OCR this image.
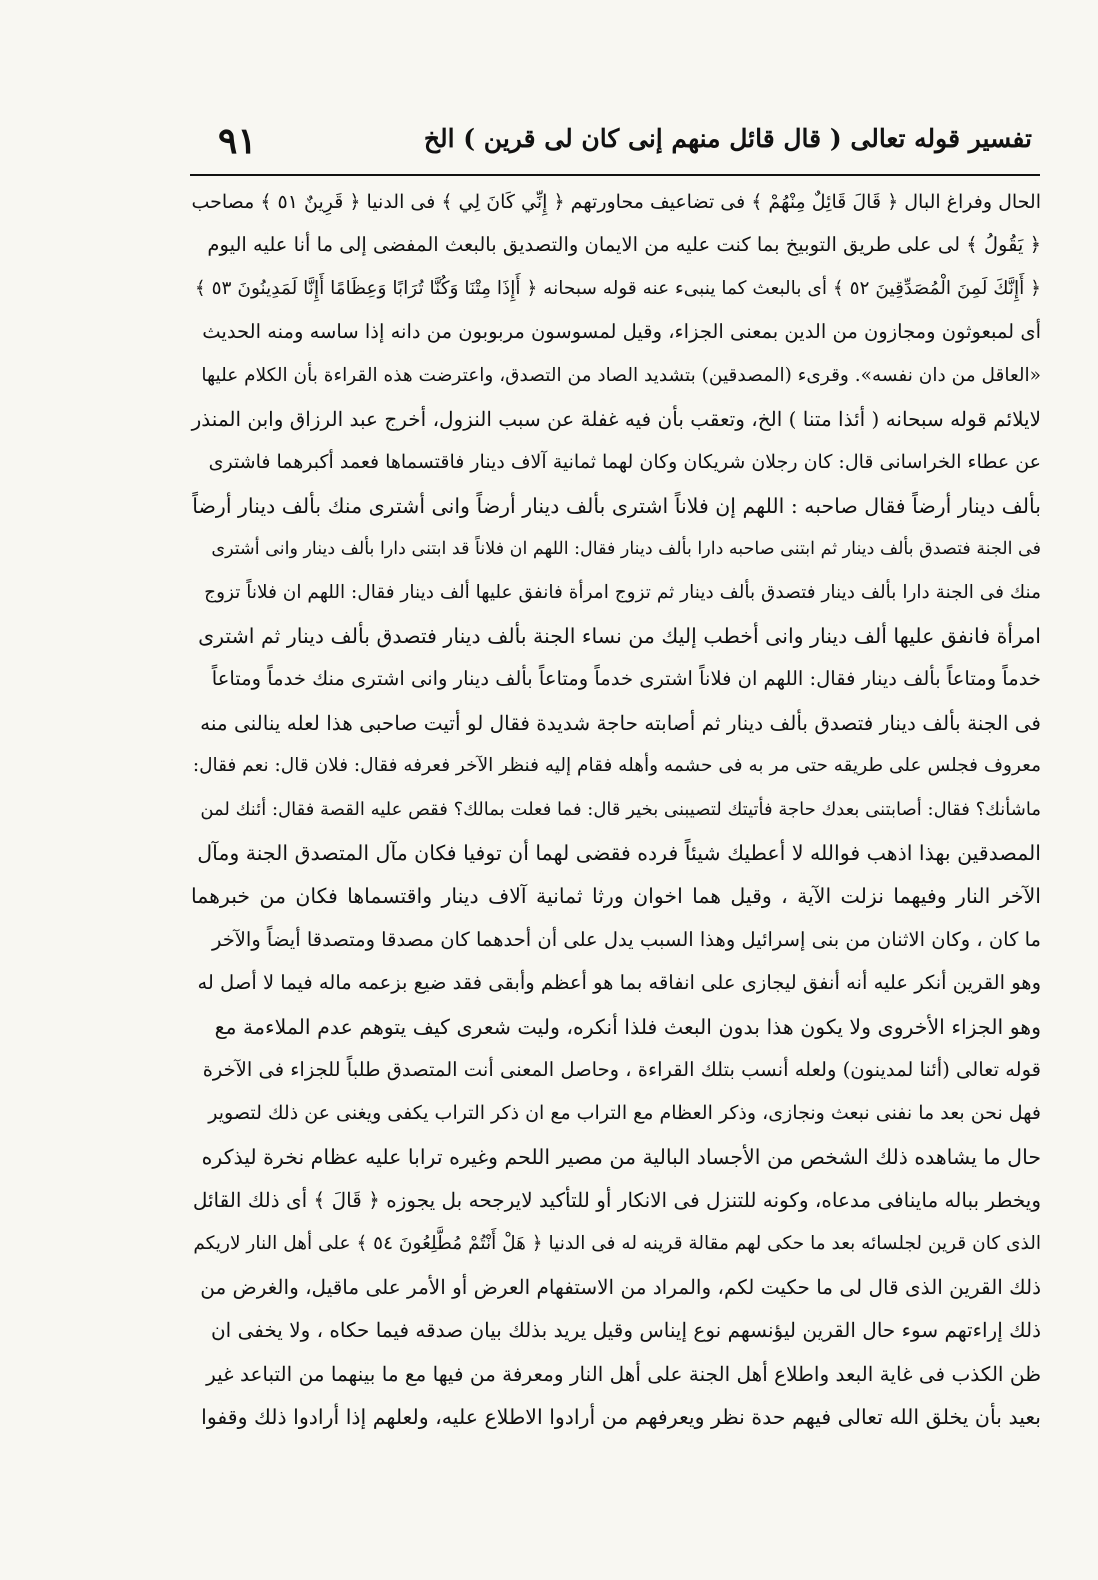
تفسير قوله تعالى ( قال قائل منهم إنى كان لى قرين ) الخ
٩١
الحال وفراغ البال ﴿ قَالَ قَائِلٌ مِنْهُمْ ﴾ فى تضاعيف محاورتهم ﴿ إِنِّي كَانَ لِي ﴾ فى الدنيا ﴿ قَرِينٌ ٥١ ﴾ مصاحب
﴿ يَقُولُ ﴾ لى على طريق التوبيخ بما كنت عليه من الايمان والتصديق بالبعث المفضى إلى ما أنا عليه اليوم
﴿ أَإِنَّكَ لَمِنَ الْمُصَدِّقِينَ ٥٢ ﴾ أى بالبعث كما ينبىء عنه قوله سبحانه ﴿ أَإِذَا مِتْنَا وَكُنَّا تُرَابًا وَعِظَامًا أَإِنَّا لَمَدِينُونَ ٥٣ ﴾
أى لمبعوثون ومجازون من الدين بمعنى الجزاء، وقيل لمسوسون مربوبون من دانه إذا ساسه ومنه الحديث
«العاقل من دان نفسه». وقرىء (المصدقين) بتشديد الصاد من التصدق، واعترضت هذه القراءة بأن الكلام عليها
لايلائم قوله سبحانه ( أئذا متنا ) الخ، وتعقب بأن فيه غفلة عن سبب النزول، أخرج عبد الرزاق وابن المنذر
عن عطاء الخراسانى قال: كان رجلان شريكان وكان لهما ثمانية آلاف دينار فاقتسماها فعمد أكبرهما فاشترى
بألف دينار أرضاً فقال صاحبه : اللهم إن فلاناً اشترى بألف دينار أرضاً وانى أشترى منك بألف دينار أرضاً
فى الجنة فتصدق بألف دينار ثم ابتنى صاحبه دارا بألف دينار فقال: اللهم ان فلاناً قد ابتنى دارا بألف دينار وانى أشترى
منك فى الجنة دارا بألف دينار فتصدق بألف دينار ثم تزوج امرأة فانفق عليها ألف دينار فقال: اللهم ان فلاناً تزوج
امرأة فانفق عليها ألف دينار وانى أخطب إليك من نساء الجنة بألف دينار فتصدق بألف دينار ثم اشترى
خدماً ومتاعاً بألف دينار فقال: اللهم ان فلاناً اشترى خدماً ومتاعاً بألف دينار وانى اشترى منك خدماً ومتاعاً
فى الجنة بألف دينار فتصدق بألف دينار ثم أصابته حاجة شديدة فقال لو أتيت صاحبى هذا لعله ينالنى منه
معروف فجلس على طريقه حتى مر به فى حشمه وأهله فقام إليه فنظر الآخر فعرفه فقال: فلان قال: نعم فقال:
ماشأنك؟ فقال: أصابتنى بعدك حاجة فأتيتك لتصيبنى بخير قال: فما فعلت بمالك؟ فقص عليه القصة فقال: أئنك لمن
المصدقين بهذا اذهب فوالله لا أعطيك شيئاً فرده فقضى لهما أن توفيا فكان مآل المتصدق الجنة ومآل
الآخر النار وفيهما نزلت الآية ، وقيل هما اخوان ورثا ثمانية آلاف دينار واقتسماها فكان من خبرهما
ما كان ، وكان الاثنان من بنى إسرائيل وهذا السبب يدل على أن أحدهما كان مصدقا ومتصدقا أيضاً والآخر
وهو القرين أنكر عليه أنه أنفق ليجازى على انفاقه بما هو أعظم وأبقى فقد ضيع بزعمه ماله فيما لا أصل له
وهو الجزاء الأخروى ولا يكون هذا بدون البعث فلذا أنكره، وليت شعرى كيف يتوهم عدم الملاءمة مع
قوله تعالى (أئنا لمدينون) ولعله أنسب بتلك القراءة ، وحاصل المعنى أنت المتصدق طلباً للجزاء فى الآخرة
فهل نحن بعد ما نفنى نبعث ونجازى، وذكر العظام مع التراب مع ان ذكر التراب يكفى ويغنى عن ذلك لتصوير
حال ما يشاهده ذلك الشخص من الأجساد البالية من مصير اللحم وغيره ترابا عليه عظام نخرة ليذكره
ويخطر بباله ماينافى مدعاه، وكونه للتنزل فى الانكار أو للتأكيد لايرجحه بل يجوزه ﴿ قَالَ ﴾ أى ذلك القائل
الذى كان قرين لجلسائه بعد ما حكى لهم مقالة قرينه له فى الدنيا ﴿ هَلْ أَنْتُمْ مُطَّلِعُونَ ٥٤ ﴾ على أهل النار لاريكم
ذلك القرين الذى قال لى ما حكيت لكم، والمراد من الاستفهام العرض أو الأمر على ماقيل، والغرض من
ذلك إراءتهم سوء حال القرين ليؤنسهم نوع إيناس وقيل يريد بذلك بيان صدقه فيما حكاه ، ولا يخفى ان
ظن الكذب فى غاية البعد واطلاع أهل الجنة على أهل النار ومعرفة من فيها مع ما بينهما من التباعد غير
بعيد بأن يخلق الله تعالى فيهم حدة نظر ويعرفهم من أرادوا الاطلاع عليه، ولعلهم إذا أرادوا ذلك وقفوا
